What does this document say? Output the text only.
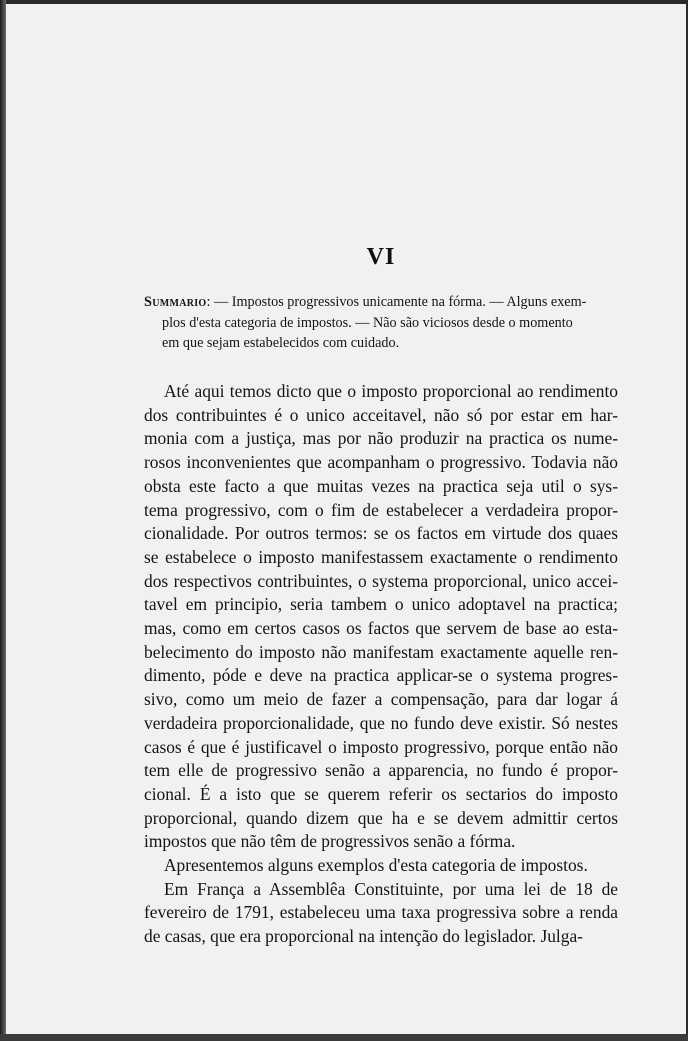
VI
Summario: — Impostos progressivos unicamente na fórma. — Alguns exem-
plos d'esta categoria de impostos. — Não são viciosos desde o momento
em que sejam estabelecidos com cuidado.
Até aqui temos dicto que o imposto proporcional ao rendimento
dos contribuintes é o unico acceitavel, não só por estar em har-
monia com a justiça, mas por não produzir na practica os nume-
rosos inconvenientes que acompanham o progressivo. Todavia não
obsta este facto a que muitas vezes na practica seja util o sys-
tema progressivo, com o fim de estabelecer a verdadeira propor-
cionalidade. Por outros termos: se os factos em virtude dos quaes
se estabelece o imposto manifestassem exactamente o rendimento
dos respectivos contribuintes, o systema proporcional, unico accei-
tavel em principio, seria tambem o unico adoptavel na practica;
mas, como em certos casos os factos que servem de base ao esta-
belecimento do imposto não manifestam exactamente aquelle ren-
dimento, póde e deve na practica applicar-se o systema progres-
sivo, como um meio de fazer a compensação, para dar logar á
verdadeira proporcionalidade, que no fundo deve existir. Só nestes
casos é que é justificavel o imposto progressivo, porque então não
tem elle de progressivo senão a apparencia, no fundo é propor-
cional. É a isto que se querem referir os sectarios do imposto
proporcional, quando dizem que ha e se devem admittir certos
impostos que não têm de progressivos senão a fórma.
Apresentemos alguns exemplos d'esta categoria de impostos.
Em França a Assemblêa Constituinte, por uma lei de 18 de
fevereiro de 1791, estabeleceu uma taxa progressiva sobre a renda
de casas, que era proporcional na intenção do legislador. Julga-
